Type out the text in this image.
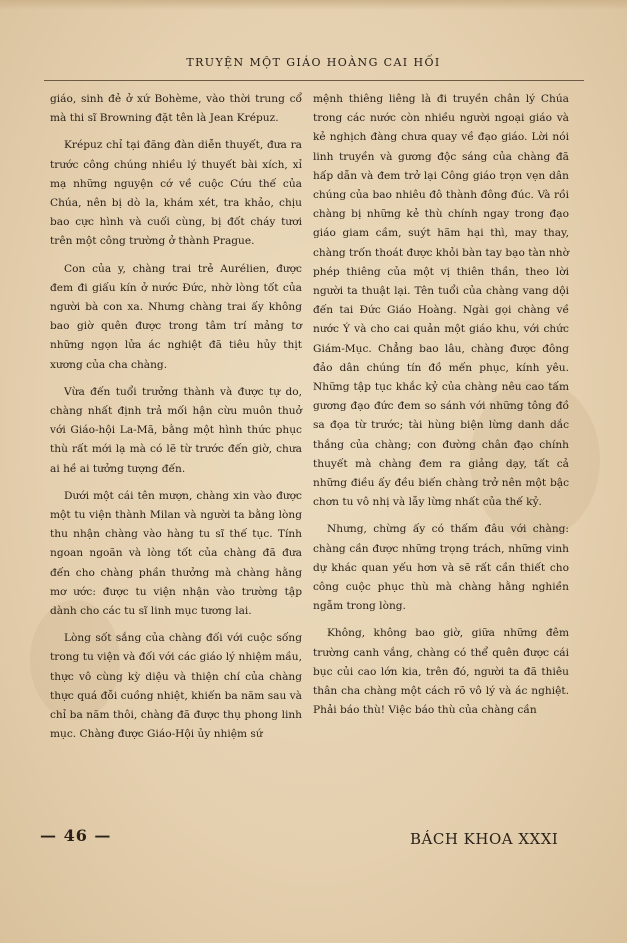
TRUYỆN MỘT GIÁO HOÀNG CAI HỐI

giáo, sinh đẻ ở xứ Bohème, vào thời trung cổ mà thi sĩ Browning đặt tên là Jean Krépuz.

Krépuz chỉ tại đăng đàn diễn thuyết, đưa ra trước công chúng nhiều lý thuyết bài xích, xỉ mạ những nguyện cớ về cuộc Cứu thế của Chúa, nên bị dò la, khám xét, tra khảo, chịu bao cực hình và cuối cùng, bị đốt cháy tươi trên một công trường ở thành Prague.

Con của y, chàng trai trẻ Aurélien, được đem đi giấu kín ở nước Đức, nhờ lòng tốt của người bà con xa. Nhưng chàng trai ấy không bao giờ quên được trong tâm trí mảng tơ những ngọn lửa ác nghiệt đã tiêu hủy thịt xương của cha chàng.

Vừa đến tuổi trưởng thành và được tự do, chàng nhất định trả mối hận cừu muôn thuở với Giáo-hội La-Mã, bằng một hình thức phục thù rất mới lạ mà có lẽ từ trước đến giờ, chưa ai hề ai tưởng tượng đến.

Dưới một cái tên mượn, chàng xin vào được một tu viện thành Milan và người ta bằng lòng thu nhận chàng vào hàng tu sĩ thế tục. Tính ngoan ngoãn và lòng tốt của chàng đã đưa đến cho chàng phần thưởng mà chàng hằng mơ ước: được tu viện nhận vào trường tập dành cho các tu sĩ linh mục tương lai.

Lòng sốt sắng của chàng đối với cuộc sống trong tu viện và đối với các giáo lý nhiệm mầu, thực vô cùng kỳ diệu và thiện chí của chàng thực quá đỗi cuồng nhiệt, khiến ba năm sau và chỉ ba năm thôi, chàng đã được thụ phong linh mục. Chàng được Giáo-Hội ủy nhiệm sứ

mệnh thiêng liêng là đi truyền chân lý Chúa trong các nước còn nhiều người ngoại giáo và kẻ nghịch đàng chưa quay về đạo giáo. Lời nói linh truyền và gương độc sáng của chàng đã hấp dẫn và đem trở lại Công giáo trọn vẹn dân chúng của bao nhiêu đô thành đông đúc. Và rồi chàng bị những kẻ thù chính ngay trong đạo giáo giam cầm, suýt hãm hại thì, may thay, chàng trốn thoát được khỏi bàn tay bạo tàn nhờ phép thiêng của một vị thiên thần, theo lời người ta thuật lại. Tên tuổi của chàng vang dội đến tai Đức Giáo Hoàng. Ngài gọi chàng về nước Ý và cho cai quản một giáo khu, với chức Giám-Mục. Chẳng bao lâu, chàng được đông đảo dân chúng tín đồ mến phục, kính yêu. Những tập tục khắc kỷ của chàng nêu cao tấm gương đạo đức đem so sánh với những tông đồ sa đọa từ trước; tài hùng biện lừng danh dắc thắng của chàng; con đường chân đạo chính thuyết mà chàng đem ra giảng dạy, tất cả những điều ấy đều biến chàng trở nên một bậc chơn tu vô nhị và lẫy lừng nhất của thế kỷ.

Nhưng, chừng ấy có thấm đâu với chàng: chàng cần được những trọng trách, những vinh dự khác quan yếu hơn và sẽ rất cần thiết cho công cuộc phục thù mà chàng hằng nghiền ngẫm trong lòng.

Không, không bao giờ, giữa những đêm trường canh vắng, chàng có thể quên được cái bục củi cao lớn kia, trên đó, người ta đã thiêu thân cha chàng một cách rõ vô lý và ác nghiệt. Phải báo thù! Việc báo thù của chàng cần

— 46 —	BÁCH KHOA XXXI
